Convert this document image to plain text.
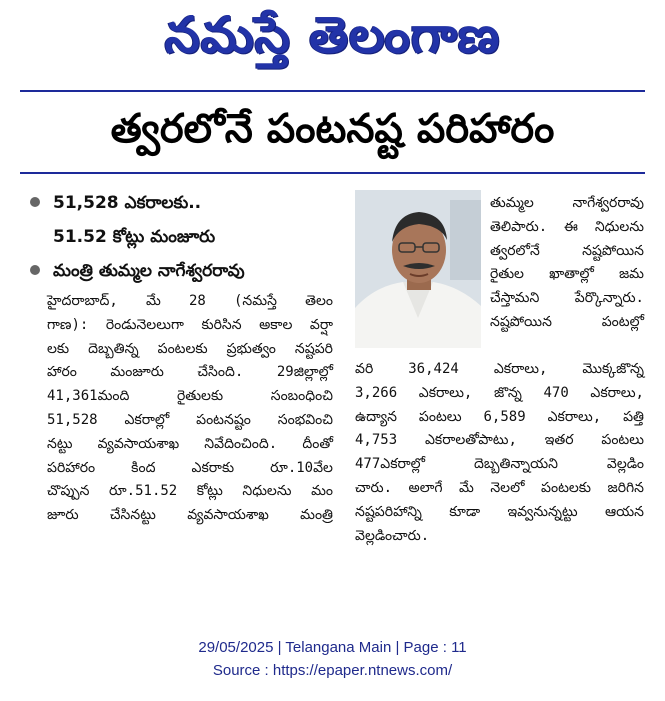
నమస్తే తెలంగాణ
త్వరలోనే పంటనష్ట పరిహారం
51,528 ఎకరాలకు..
51.52 కోట్లు మంజూరు
మంత్రి తుమ్మల నాగేశ్వరరావు
హైదరాబాద్, మే 28 (నమస్తే తెలం
గాణ): రెండునెలలుగా కురిసిన అకాల వర్షా
లకు దెబ్బతిన్న పంటలకు ప్రభుత్వం నష్టపరి
హారం మంజూరు చేసింది. 29జిల్లాల్లో
41,361మంది రైతులకు సంబంధించి
51,528 ఎకరాల్లో పంటనష్టం సంభవించి
నట్టు వ్యవసాయశాఖ నివేదించింది. దీంతో
పరిహారం కింద ఎకరాకు రూ.10వేల
చొప్పున రూ.51.52 కోట్లు నిధులను మం
జూరు చేసినట్టు వ్యవసాయశాఖ మంత్రి
తుమ్మల నాగేశ్వరరావు
తెలిపారు. ఈ నిధులను
త్వరలోనే నష్టపోయిన
రైతుల ఖాతాల్లో జమ
చేస్తామని పేర్కొన్నారు.
నష్టపోయిన పంటల్లో
వరి 36,424 ఎకరాలు, మొక్కజొన్న
3,266 ఎకరాలు, జొన్న 470 ఎకరాలు,
ఉద్యాన పంటలు 6,589 ఎకరాలు, పత్తి
4,753 ఎకరాలతోపాటు, ఇతర పంటలు
477ఎకరాల్లో దెబ్బతిన్నాయని వెల్లడిం
చారు. అలాగే మే నెలలో పంటలకు జరిగిన
నష్టపరిహాన్ని కూడా ఇవ్వనున్నట్టు ఆయన
వెల్లడించారు.
29/05/2025 | Telangana Main | Page : 11
Source : https://epaper.ntnews.com/
